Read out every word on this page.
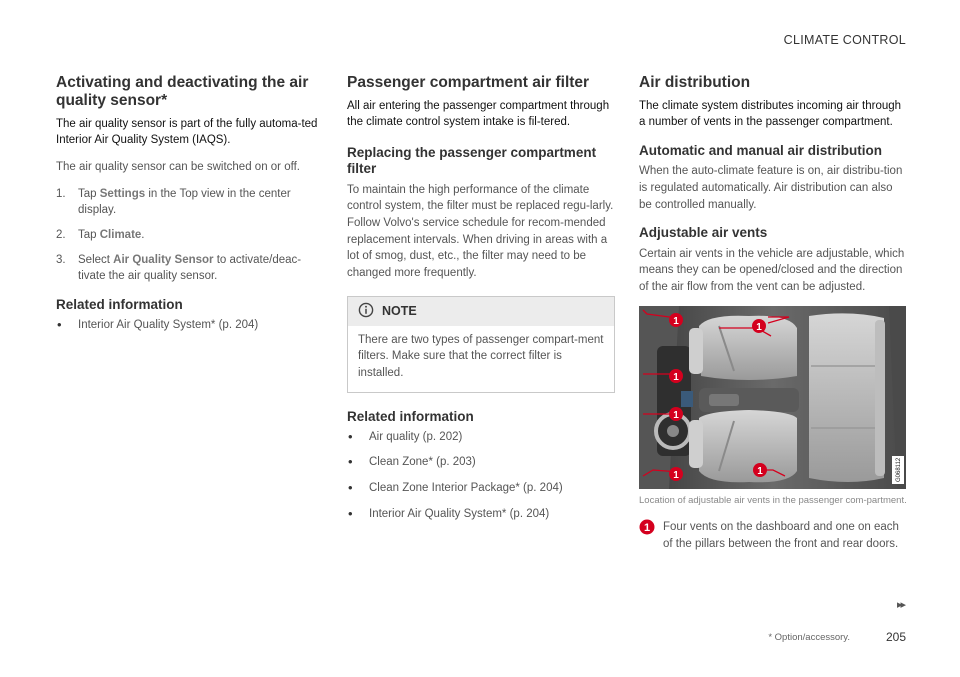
CLIMATE CONTROL
Activating and deactivating the air quality sensor*

The air quality sensor is part of the fully automa-ted Interior Air Quality System (IAQS).

The air quality sensor can be switched on or off.

1. Tap Settings in the Top view in the center display.
2. Tap Climate.
3. Select Air Quality Sensor to activate/deac-tivate the air quality sensor.
Related information
• Interior Air Quality System* (p. 204)
Passenger compartment air filter

All air entering the passenger compartment through the climate control system intake is fil-tered.

Replacing the passenger compartment filter

To maintain the high performance of the climate control system, the filter must be replaced regu-larly. Follow Volvo's service schedule for recom-mended replacement intervals. When driving in areas with a lot of smog, dust, etc., the filter may need to be changed more frequently.

NOTE
There are two types of passenger compart-ment filters. Make sure that the correct filter is installed.
Related information
• Air quality (p. 202)
• Clean Zone* (p. 203)
• Clean Zone Interior Package* (p. 204)
• Interior Air Quality System* (p. 204)
Air distribution

The climate system distributes incoming air through a number of vents in the passenger compartment.

Automatic and manual air distribution

When the auto-climate feature is on, air distribu-tion is regulated automatically. Air distribution can also be controlled manually.

Adjustable air vents

Certain air vents in the vehicle are adjustable, which means they can be opened/closed and the direction of the air flow from the vent can be adjusted.

1
1
1
1
1	1	G068112
Location of adjustable air vents in the passenger com-partment.
1 Four vents on the dashboard and one on each of the pillars between the front and rear doors.

▸▸
* Option/accessory.	205
